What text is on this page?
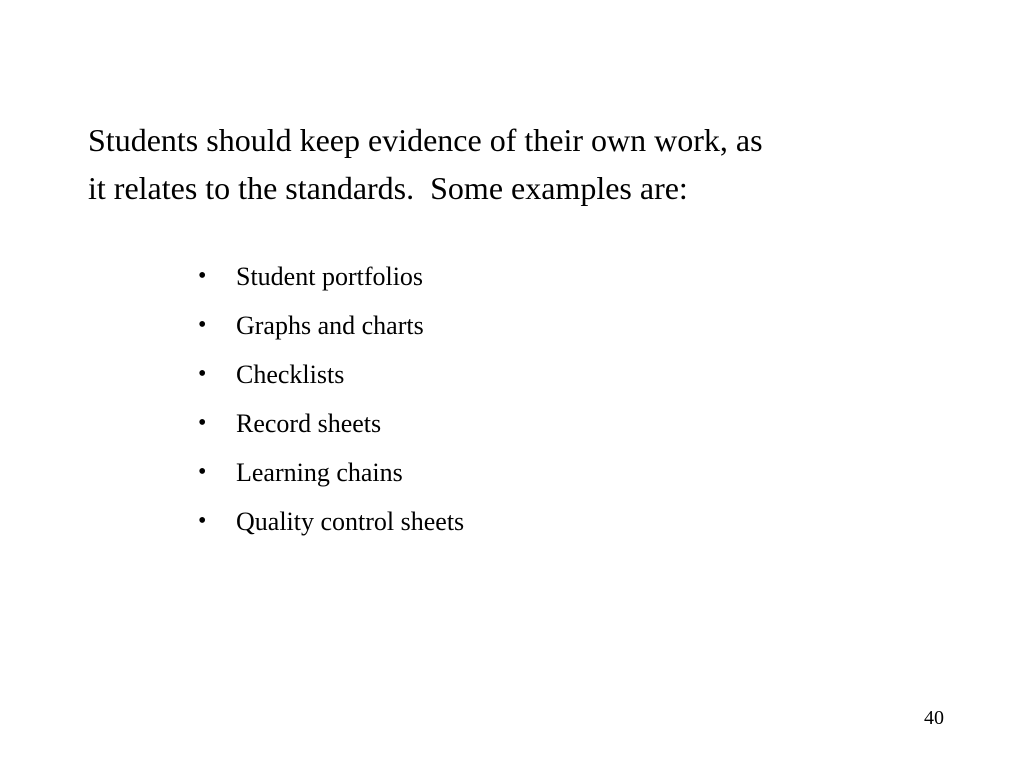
Students should keep evidence of their own work, as
it relates to the standards.  Some examples are:

• Student portfolios
• Graphs and charts
• Checklists
• Record sheets
• Learning chains
• Quality control sheets
40
